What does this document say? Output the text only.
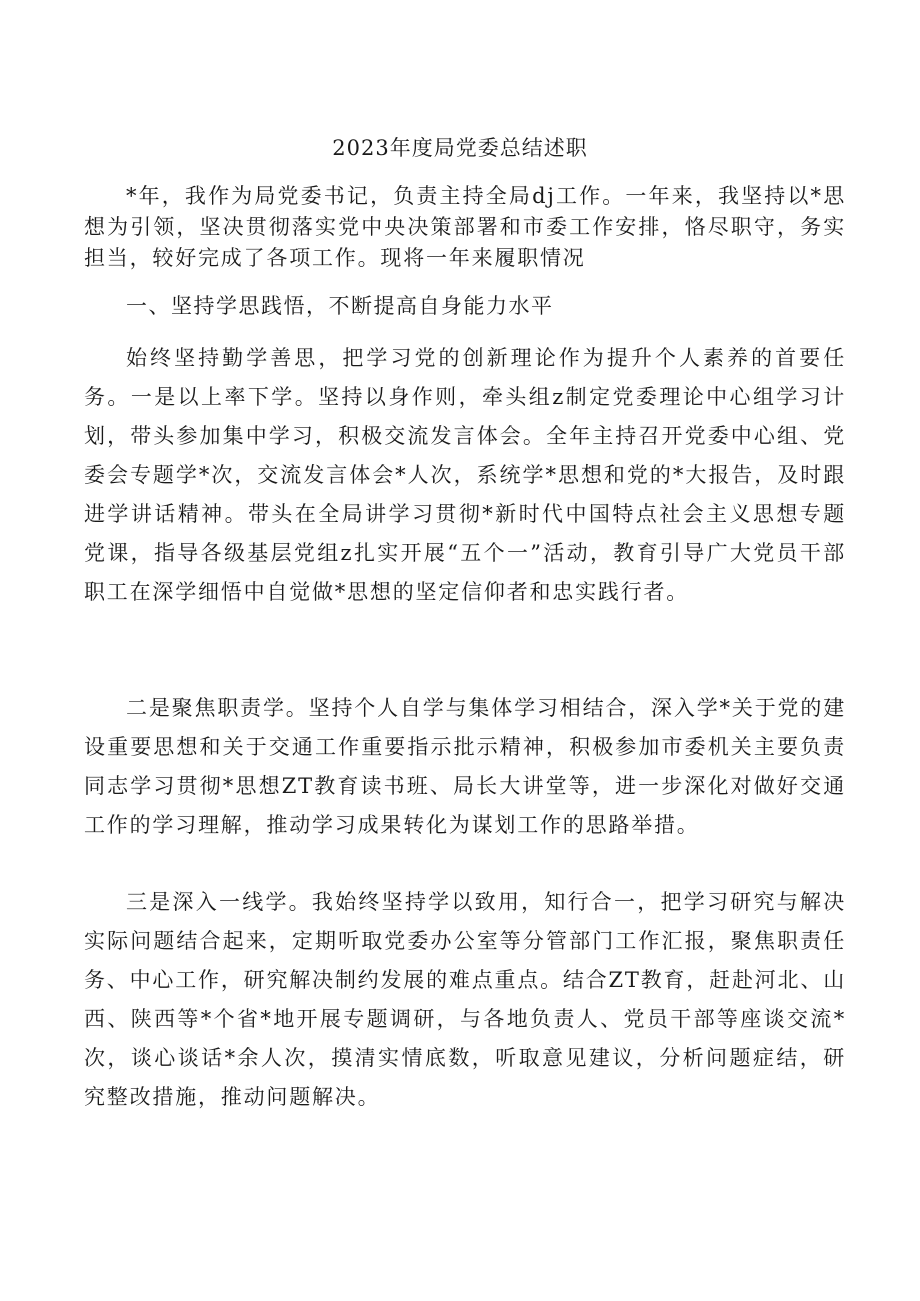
2023年度局党委总结述职

*年，我作为局党委书记，负责主持全局dj工作。一年来，我坚持以*思想为引领，坚决贯彻落实党中央决策部署和市委工作安排，恪尽职守，务实担当，较好完成了各项工作。现将一年来履职情况

一、坚持学思践悟，不断提高自身能力水平

始终坚持勤学善思，把学习党的创新理论作为提升个人素养的首要任务。一是以上率下学。坚持以身作则，牵头组z制定党委理论中心组学习计划，带头参加集中学习，积极交流发言体会。全年主持召开党委中心组、党委会专题学*次，交流发言体会*人次，系统学*思想和党的*大报告，及时跟进学讲话精神。带头在全局讲学习贯彻*新时代中国特点社会主义思想专题党课，指导各级基层党组z扎实开展“五个一”活动，教育引导广大党员干部职工在深学细悟中自觉做*思想的坚定信仰者和忠实践行者。

二是聚焦职责学。坚持个人自学与集体学习相结合，深入学*关于党的建设重要思想和关于交通工作重要指示批示精神，积极参加市委机关主要负责同志学习贯彻*思想ZT教育读书班、局长大讲堂等，进一步深化对做好交通工作的学习理解，推动学习成果转化为谋划工作的思路举措。

三是深入一线学。我始终坚持学以致用，知行合一，把学习研究与解决实际问题结合起来，定期听取党委办公室等分管部门工作汇报，聚焦职责任务、中心工作，研究解决制约发展的难点重点。结合ZT教育，赶赴河北、山西、陕西等*个省*地开展专题调研，与各地负责人、党员干部等座谈交流*次，谈心谈话*余人次，摸清实情底数，听取意见建议，分析问题症结，研究整改措施，推动问题解决。
